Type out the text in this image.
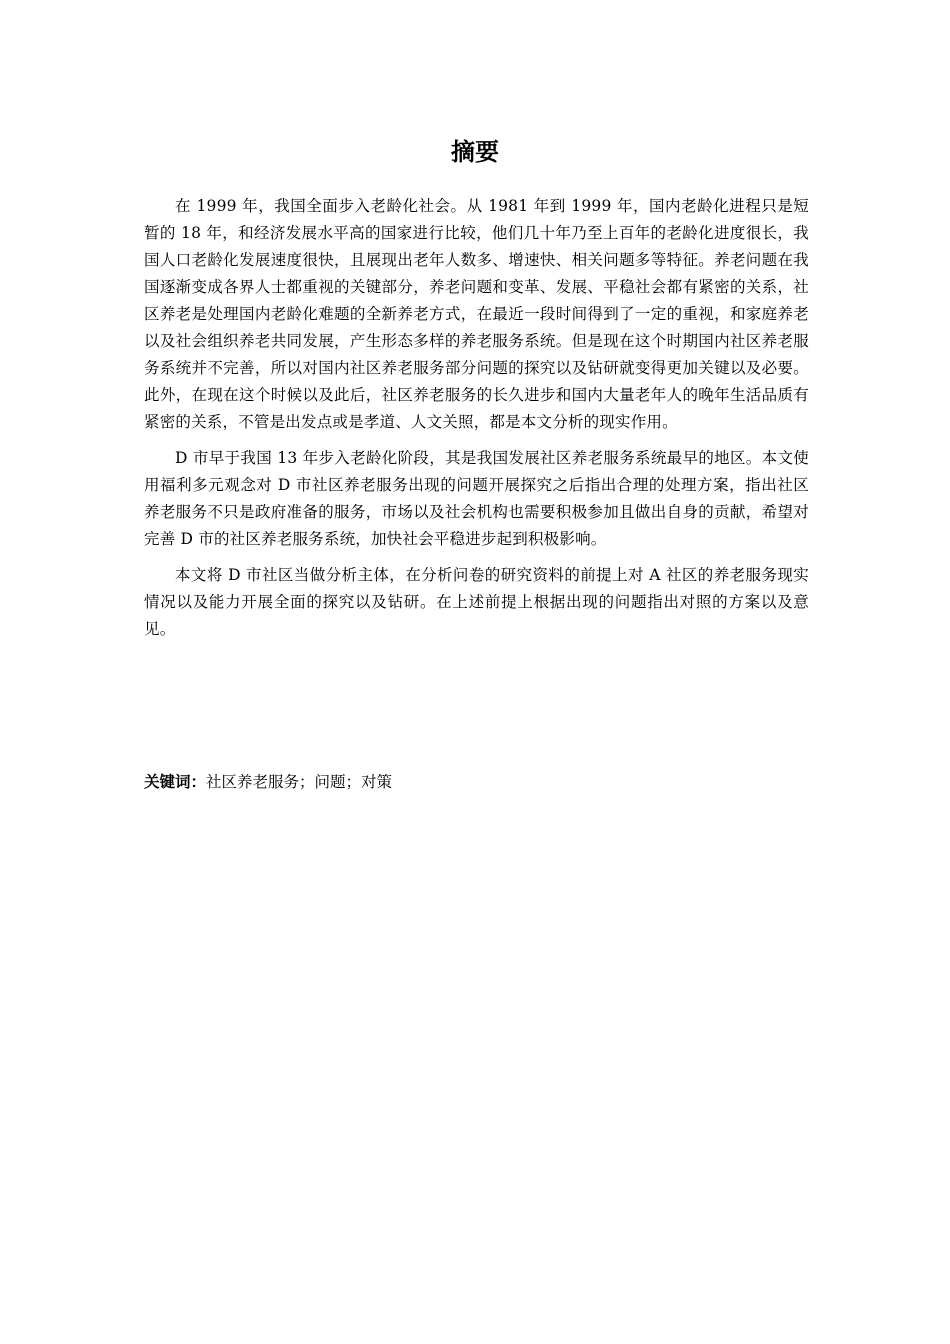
摘要

在 1999 年，我国全面步入老龄化社会。从 1981 年到 1999 年，国内老龄化进程只是短暂的 18 年，和经济发展水平高的国家进行比较，他们几十年乃至上百年的老龄化进度很长，我国人口老龄化发展速度很快，且展现出老年人数多、增速快、相关问题多等特征。养老问题在我国逐渐变成各界人士都重视的关键部分，养老问题和变革、发展、平稳社会都有紧密的关系，社区养老是处理国内老龄化难题的全新养老方式，在最近一段时间得到了一定的重视，和家庭养老以及社会组织养老共同发展，产生形态多样的养老服务系统。但是现在这个时期国内社区养老服务系统并不完善，所以对国内社区养老服务部分问题的探究以及钻研就变得更加关键以及必要。此外，在现在这个时候以及此后，社区养老服务的长久进步和国内大量老年人的晚年生活品质有紧密的关系，不管是出发点或是孝道、人文关照，都是本文分析的现实作用。

D 市早于我国 13 年步入老龄化阶段，其是我国发展社区养老服务系统最早的地区。本文使用福利多元观念对 D 市社区养老服务出现的问题开展探究之后指出合理的处理方案，指出社区养老服务不只是政府准备的服务，市场以及社会机构也需要积极参加且做出自身的贡献，希望对完善 D 市的社区养老服务系统，加快社会平稳进步起到积极影响。

本文将 D 市社区当做分析主体，在分析问卷的研究资料的前提上对 A 社区的养老服务现实情况以及能力开展全面的探究以及钻研。在上述前提上根据出现的问题指出对照的方案以及意见。

关键词：社区养老服务；问题；对策
